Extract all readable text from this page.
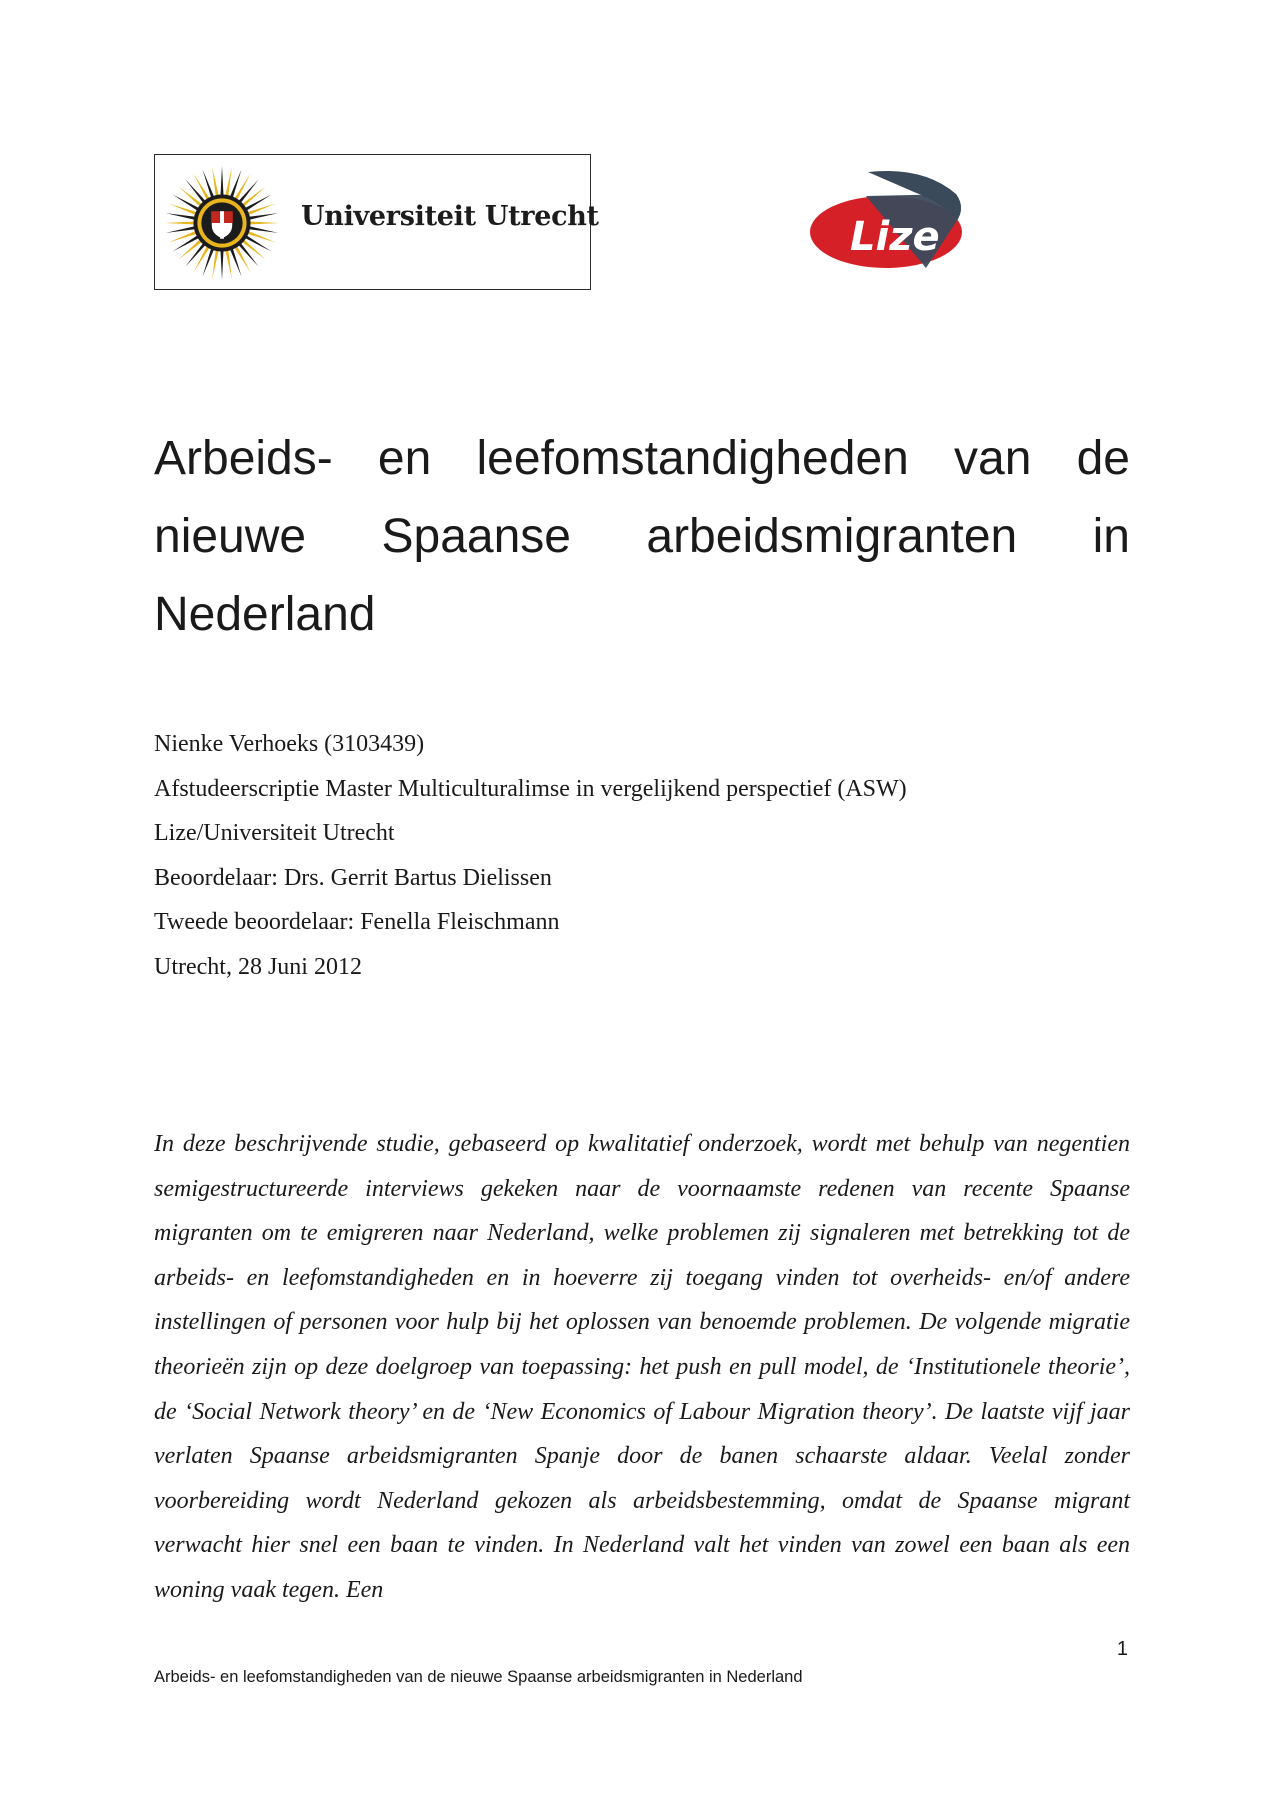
Universiteit Utrecht	Lize
Arbeids- en leefomstandigheden van de nieuwe Spaanse arbeidsmigranten in Nederland
Nienke Verhoeks (3103439)
Afstudeerscriptie Master Multiculturalimse in vergelijkend perspectief (ASW)
Lize/Universiteit Utrecht
Beoordelaar: Drs. Gerrit Bartus Dielissen
Tweede beoordelaar: Fenella Fleischmann
Utrecht, 28 Juni 2012

In deze beschrijvende studie, gebaseerd op kwalitatief onderzoek, wordt met behulp van negentien semigestructureerde interviews gekeken naar de voornaamste redenen van recente Spaanse migranten om te emigreren naar Nederland, welke problemen zij signaleren met betrekking tot de arbeids- en leefomstandigheden en in hoeverre zij toegang vinden tot overheids- en/of andere instellingen of personen voor hulp bij het oplossen van benoemde problemen. De volgende migratie theorieën zijn op deze doelgroep van toepassing: het push en pull model, de ‘Institutionele theorie’, de ‘Social Network theory’ en de ‘New Economics of Labour Migration theory’. De laatste vijf jaar verlaten Spaanse arbeidsmigranten Spanje door de banen schaarste aldaar. Veelal zonder voorbereiding wordt Nederland gekozen als arbeidsbestemming, omdat de Spaanse migrant verwacht hier snel een baan te vinden. In Nederland valt het vinden van zowel een baan als een woning vaak tegen. Een

1
Arbeids- en leefomstandigheden van de nieuwe Spaanse arbeidsmigranten in Nederland
